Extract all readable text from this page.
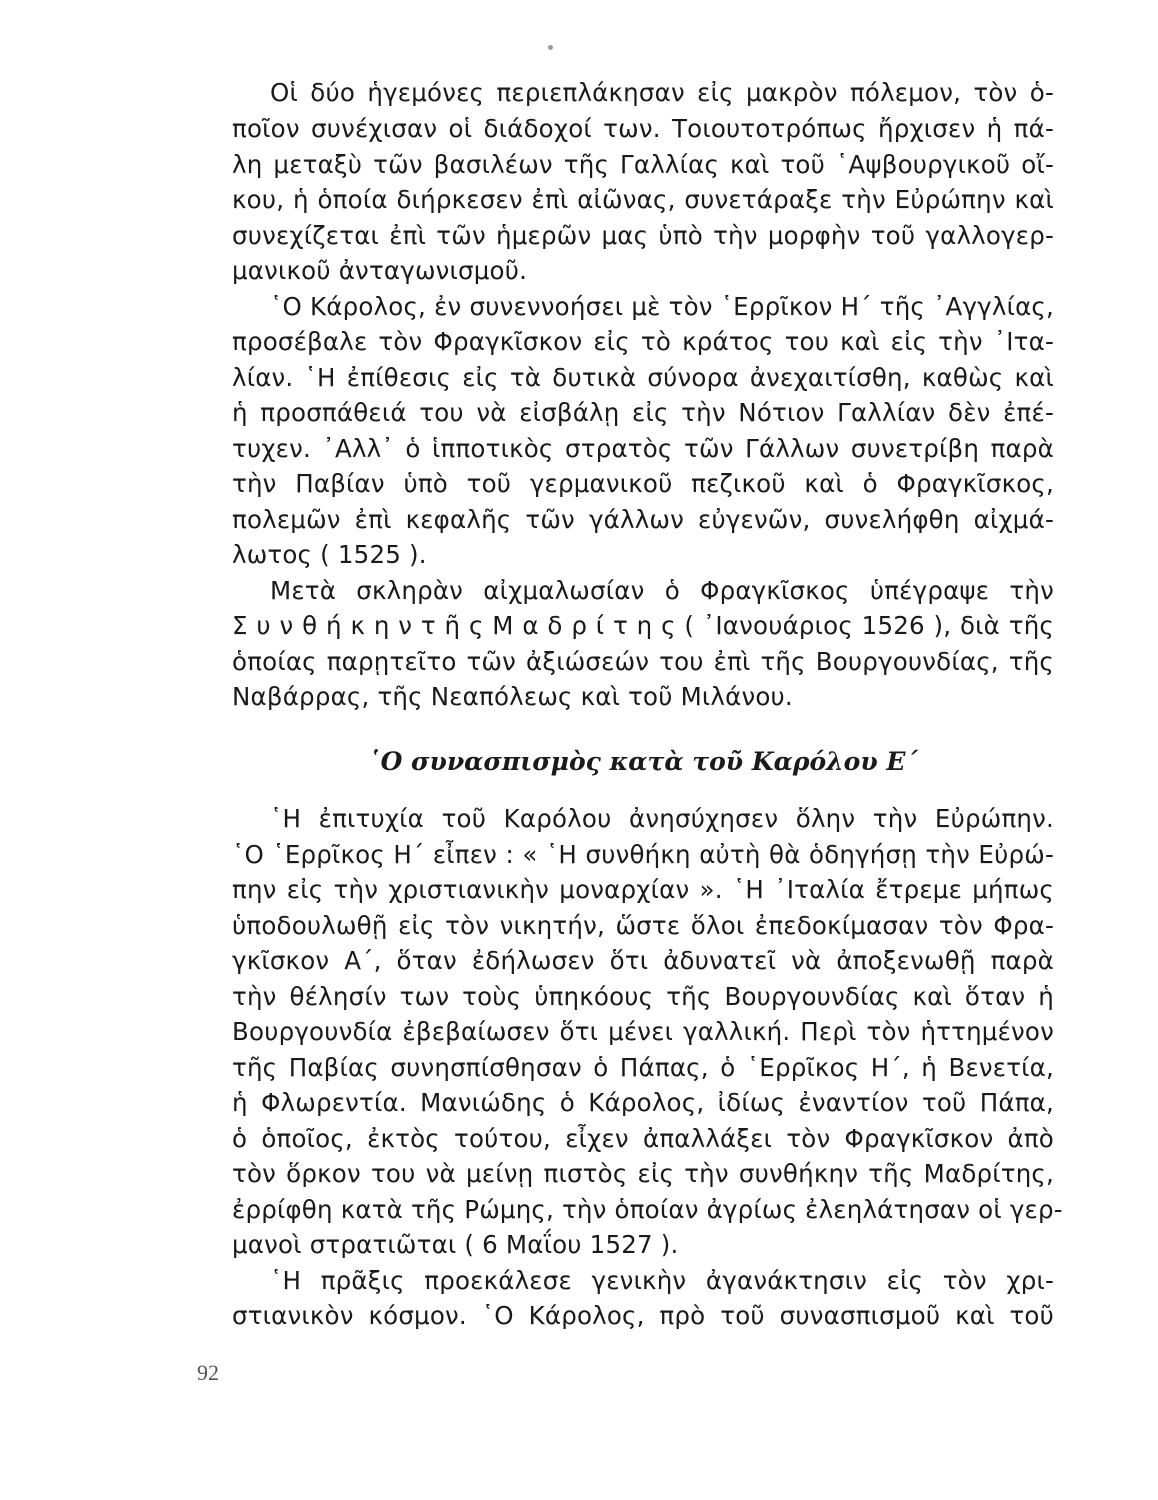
Οἱ δύο ἡγεμόνες περιεπλάκησαν εἰς μακρὸν πόλεμον, τὸν ὁ-
ποῖον συνέχισαν οἱ διάδοχοί των. Τοιουτοτρόπως ἤρχισεν ἡ πά-
λη μεταξὺ τῶν βασιλέων τῆς Γαλλίας καὶ τοῦ ῾Αψβουργικοῦ οἴ-
κου, ἡ ὁποία διήρκεσεν ἐπὶ αἰῶνας, συνετάραξε τὴν Εὐρώπην καὶ
συνεχίζεται ἐπὶ τῶν ἡμερῶν μας ὑπὸ τὴν μορφὴν τοῦ γαλλογερ-
μανικοῦ ἀνταγωνισμοῦ.
῾Ο Κάρολος, ἐν συνεννοήσει μὲ τὸν ῾Ερρῖκον Η΄ τῆς ᾽Αγγλίας,
προσέβαλε τὸν Φραγκῖσκον εἰς τὸ κράτος του καὶ εἰς τὴν ᾽Ιτα-
λίαν. ῾Η ἐπίθεσις εἰς τὰ δυτικὰ σύνορα ἀνεχαιτίσθη, καθὼς καὶ
ἡ προσπάθειά του νὰ εἰσβάλῃ εἰς τὴν Νότιον Γαλλίαν δὲν ἐπέ-
τυχεν. ᾽Αλλ᾽ ὁ ἱπποτικὸς στρατὸς τῶν Γάλλων συνετρίβη παρὰ
τὴν Παβίαν ὑπὸ τοῦ γερμανικοῦ πεζικοῦ καὶ ὁ Φραγκῖσκος,
πολεμῶν ἐπὶ κεφαλῆς τῶν γάλλων εὐγενῶν, συνελήφθη αἰχμά-
λωτος ( 1525 ).
Μετὰ σκληρὰν αἰχμαλωσίαν ὁ Φραγκῖσκος ὑπέγραψε τὴν
Σ υ ν θ ή κ η ν τ ῆ ς Μ α δ ρ ί τ η ς ( ᾽Ιανουάριος 1526 ), διὰ τῆς
ὁποίας παρῃτεῖτο τῶν ἀξιώσεών του ἐπὶ τῆς Βουργουνδίας, τῆς
Ναβάρρας, τῆς Νεαπόλεως καὶ τοῦ Μιλάνου.
῾Ο συνασπισμὸς κατὰ τοῦ Καρόλου Ε΄
῾Η ἐπιτυχία τοῦ Καρόλου ἀνησύχησεν ὅλην τὴν Εὐρώπην.
῾Ο ῾Ερρῖκος Η΄ εἶπεν : « ῾Η συνθήκη αὐτὴ θὰ ὁδηγήσῃ τὴν Εὐρώ-
πην εἰς τὴν χριστιανικὴν μοναρχίαν ». ῾Η ᾽Ιταλία ἔτρεμε μήπως
ὑποδουλωθῇ εἰς τὸν νικητήν, ὥστε ὅλοι ἐπεδοκίμασαν τὸν Φρα-
γκῖσκον Α΄, ὅταν ἐδήλωσεν ὅτι ἀδυνατεῖ νὰ ἀποξενωθῇ παρὰ
τὴν θέλησίν των τοὺς ὑπηκόους τῆς Βουργουνδίας καὶ ὅταν ἡ
Βουργουνδία ἐβεβαίωσεν ὅτι μένει γαλλική. Περὶ τὸν ἡττημένον
τῆς Παβίας συνησπίσθησαν ὁ Πάπας, ὁ ῾Ερρῖκος Η΄, ἡ Βενετία,
ἡ Φλωρεντία. Μανιώδης ὁ Κάρολος, ἰδίως ἐναντίον τοῦ Πάπα,
ὁ ὁποῖος, ἐκτὸς τούτου, εἶχεν ἀπαλλάξει τὸν Φραγκῖσκον ἀπὸ
τὸν ὅρκον του νὰ μείνῃ πιστὸς εἰς τὴν συνθήκην τῆς Μαδρίτης,
ἐρρίφθη κατὰ τῆς Ρώμης, τὴν ὁποίαν ἀγρίως ἐλεηλάτησαν οἱ γερ-
μανοὶ στρατιῶται ( 6 Μαΐου 1527 ).
῾Η πρᾶξις προεκάλεσε γενικὴν ἀγανάκτησιν εἰς τὸν χρι-
στιανικὸν κόσμον. ῾Ο Κάρολος, πρὸ τοῦ συνασπισμοῦ καὶ τοῦ
92
